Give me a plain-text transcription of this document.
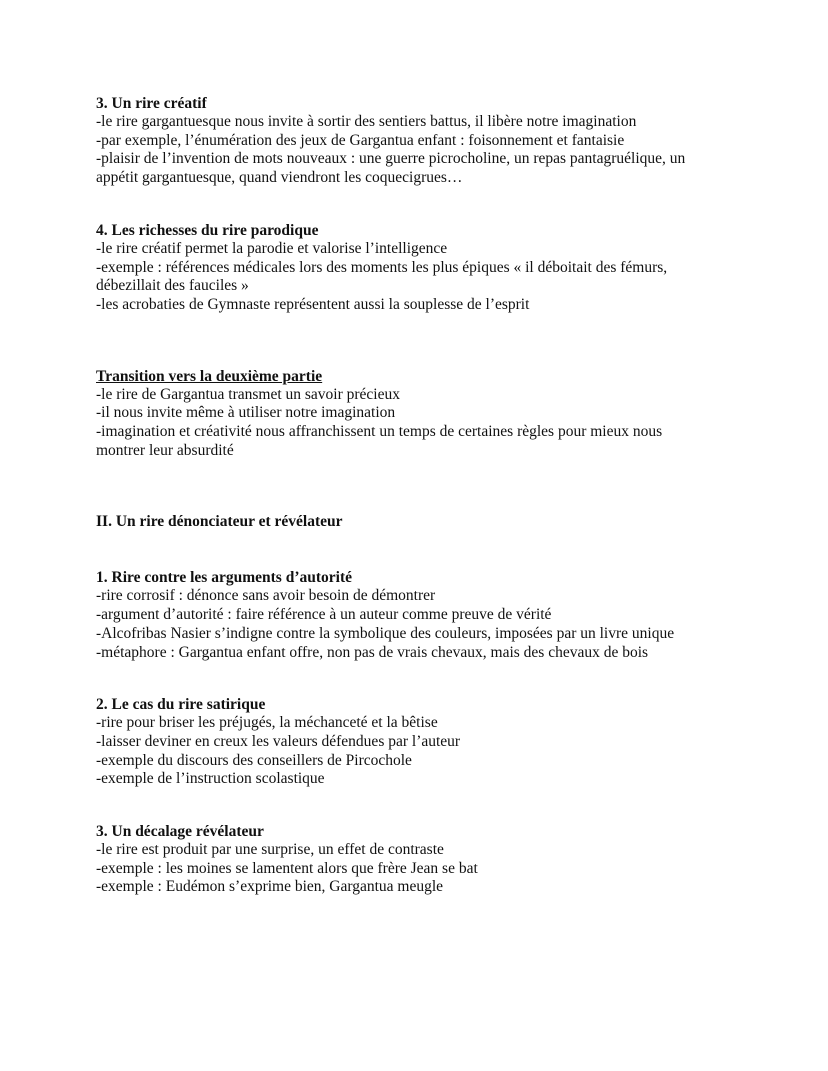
3. Un rire créatif

-le rire gargantuesque nous invite à sortir des sentiers battus, il libère notre imagination

-par exemple, l’énumération des jeux de Gargantua enfant : foisonnement et fantaisie

-plaisir de l’invention de mots nouveaux : une guerre picrocholine, un repas pantagruélique, un

appétit gargantuesque, quand viendront les coquecigrues…

4. Les richesses du rire parodique

-le rire créatif permet la parodie et valorise l’intelligence

-exemple : références médicales lors des moments les plus épiques « il déboitait des fémurs,

débezillait des fauciles »

-les acrobaties de Gymnaste représentent aussi la souplesse de l’esprit

Transition vers la deuxième partie

-le rire de Gargantua transmet un savoir précieux

-il nous invite même à utiliser notre imagination

-imagination et créativité nous affranchissent un temps de certaines règles pour mieux nous

montrer leur absurdité

II. Un rire dénonciateur et révélateur

1. Rire contre les arguments d’autorité

-rire corrosif : dénonce sans avoir besoin de démontrer

-argument d’autorité : faire référence à un auteur comme preuve de vérité

-Alcofribas Nasier s’indigne contre la symbolique des couleurs, imposées par un livre unique

-métaphore : Gargantua enfant offre, non pas de vrais chevaux, mais des chevaux de bois

2. Le cas du rire satirique

-rire pour briser les préjugés, la méchanceté et la bêtise

-laisser deviner en creux les valeurs défendues par l’auteur

-exemple du discours des conseillers de Pircochole

-exemple de l’instruction scolastique

3. Un décalage révélateur

-le rire est produit par une surprise, un effet de contraste

-exemple : les moines se lamentent alors que frère Jean se bat

-exemple : Eudémon s’exprime bien, Gargantua meugle
